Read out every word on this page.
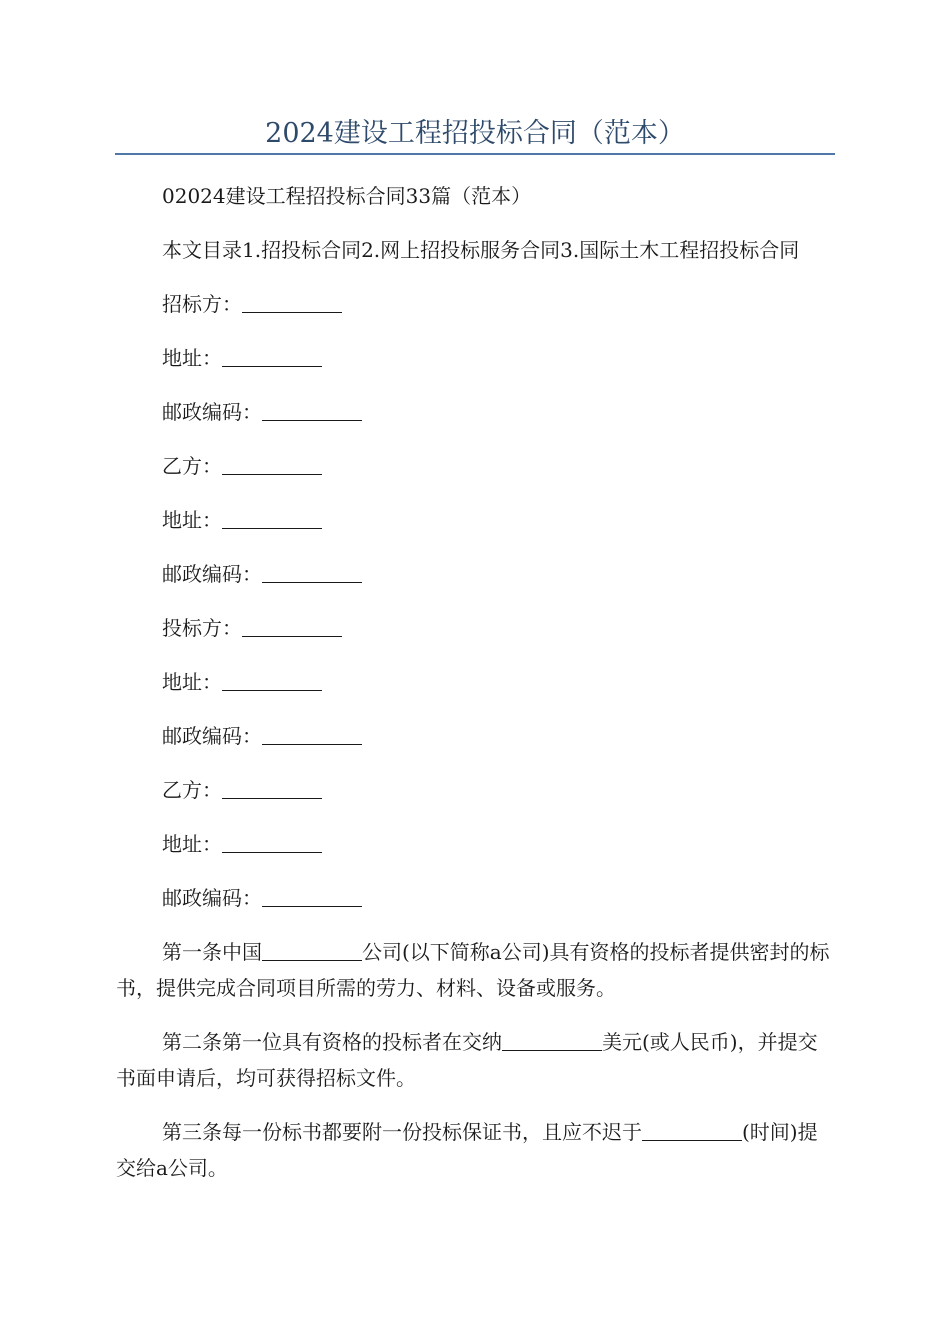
2024建设工程招投标合同（范本）

02024建设工程招投标合同33篇（范本）

本文目录1.招投标合同2.网上招投标服务合同3.国际土木工程招投标合同

招标方：

地址：

邮政编码：

乙方：

地址：

邮政编码：

投标方：

地址：

邮政编码：

乙方：

地址：

邮政编码：

第一条中国	公司(以下简称a公司)具有资格的投标者提供密封的标书，提供完成合同项目所需的劳力、材料、设备或服务。

第二条第一位具有资格的投标者在交纳	美元(或人民币)，并提交书面申请后，均可获得招标文件。

第三条每一份标书都要附一份投标保证书，且应不迟于	(时间)提交给a公司。
